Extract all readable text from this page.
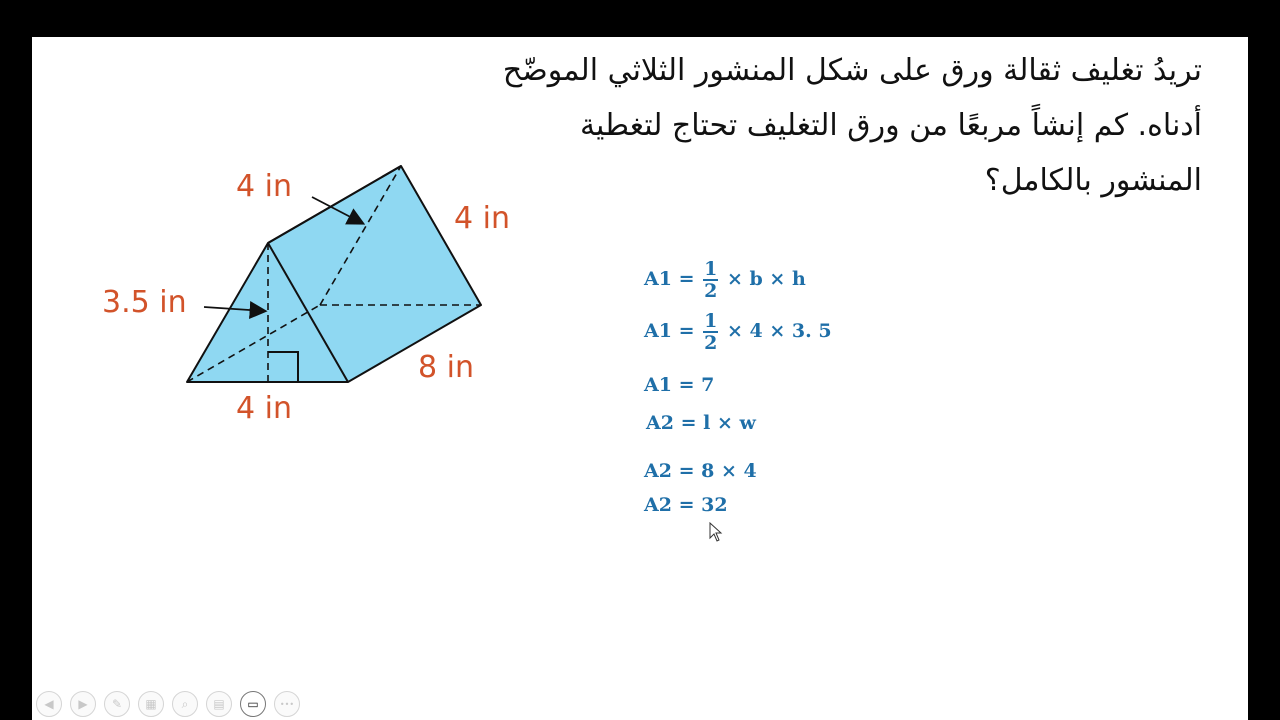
تريدُ تغليف ثقالة ورق على شكل المنشور الثلاثي الموضّح
أدناه. كم إنشاً مربعًا من ورق التغليف تحتاج لتغطية
المنشور بالكامل؟
4 in
4 in
3.5 in
8 in
4 in
$A1 = \frac{1}{2} \times b \times h$
$A1 = \frac{1}{2} \times 4 \times 3$. 5
A1 = 7
A2 = l × w
A2 = 8 × 4
A2 = 32
◀	▶	✎	▦	⌕	▤	▭	•••
